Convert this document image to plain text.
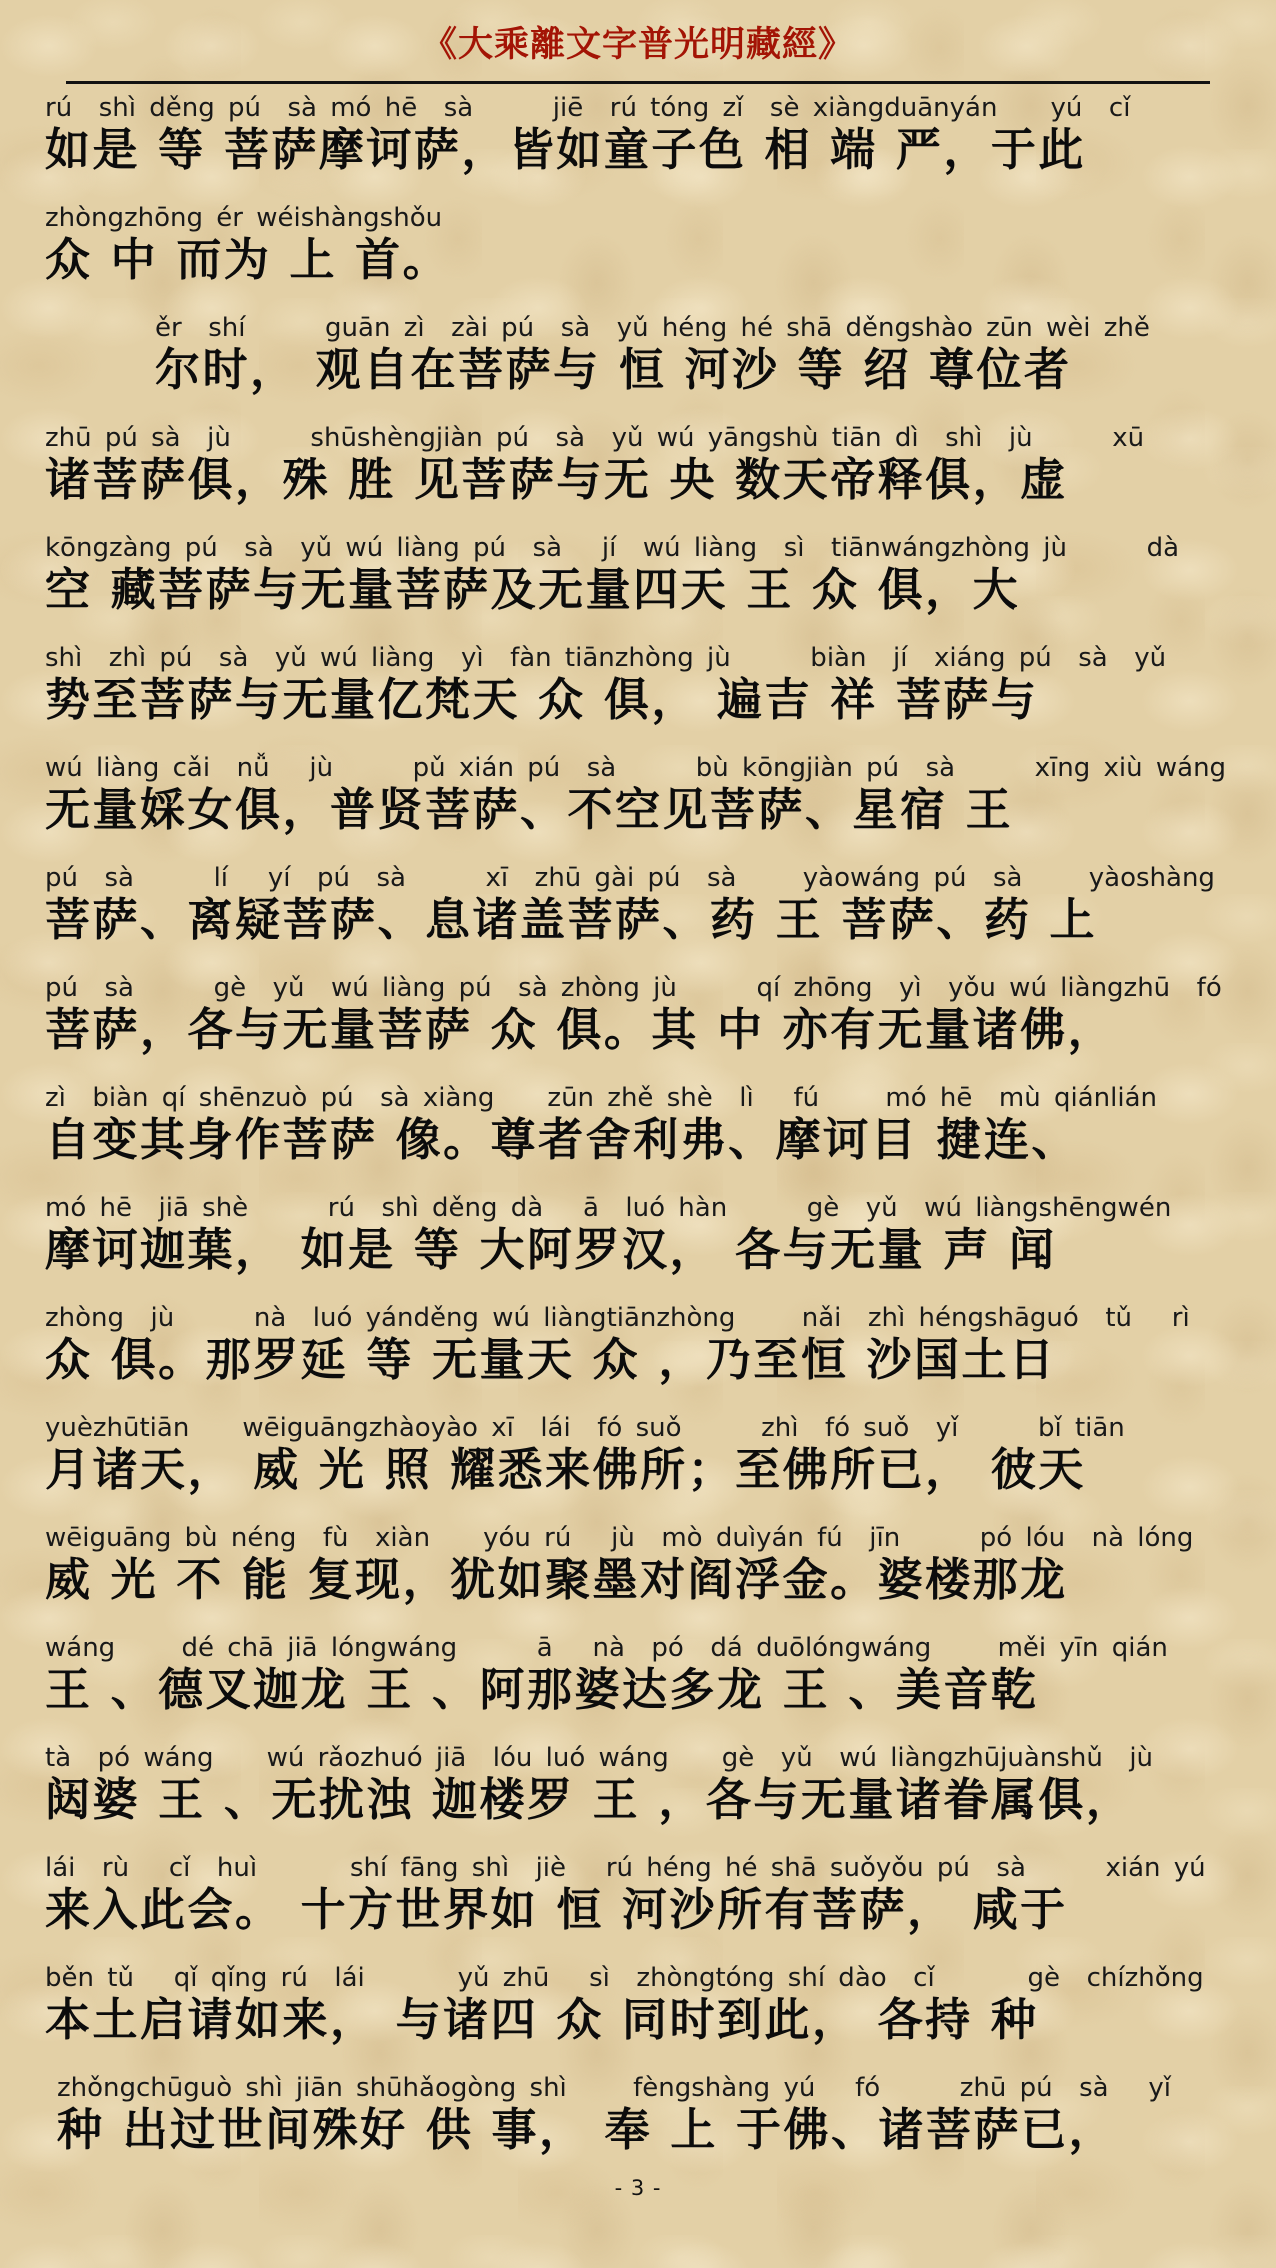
《大乘離文字普光明藏經》
rú  shì děng pú  sà mó hē  sà      jiē  rú tóng zǐ  sè xiàngduānyán    yú  cǐ
如是 等 菩萨摩诃萨，皆如童子色 相 端 严，于此
zhòngzhōng ér wéishàngshǒu
众 中 而为 上 首。
ěr  shí      guān zì  zài pú  sà  yǔ héng hé shā děngshào zūn wèi zhě
尔时， 观自在菩萨与 恒 河沙 等 绍 尊位者
zhū pú sà  jù      shūshèngjiàn pú  sà  yǔ wú yāngshù tiān dì  shì  jù      xū
诸菩萨俱，殊 胜 见菩萨与无 央 数天帝释俱，虚
kōngzàng pú  sà  yǔ wú liàng pú  sà   jí  wú liàng  sì  tiānwángzhòng jù      dà
空 藏菩萨与无量菩萨及无量四天 王 众 俱，大
shì  zhì pú  sà  yǔ wú liàng  yì  fàn tiānzhòng jù      biàn  jí  xiáng pú  sà  yǔ
势至菩萨与无量亿梵天 众 俱， 遍吉 祥 菩萨与
wú liàng cǎi  nǚ   jù      pǔ xián pú  sà      bù kōngjiàn pú  sà      xīng xiù wáng
无量婇女俱，普贤菩萨、不空见菩萨、星宿 王
pú  sà      lí   yí  pú  sà      xī  zhū gài pú  sà     yàowáng pú  sà     yàoshàng
菩萨、离疑菩萨、息诸盖菩萨、药 王 菩萨、药 上
pú  sà      gè  yǔ  wú liàng pú  sà zhòng jù      qí zhōng  yì  yǒu wú liàngzhū  fó
菩萨，各与无量菩萨 众 俱。其 中 亦有无量诸佛，
zì  biàn qí shēnzuò pú  sà xiàng    zūn zhě shè  lì   fú     mó hē  mù qiánlián
自变其身作菩萨 像。尊者舍利弗、摩诃目 揵连、
mó hē  jiā shè      rú  shì děng dà   ā  luó hàn      gè  yǔ  wú liàngshēngwén
摩诃迦葉， 如是 等 大阿罗汉， 各与无量 声 闻
zhòng  jù      nà  luó yánděng wú liàngtiānzhòng     nǎi  zhì héngshāguó  tǔ   rì
众 俱。那罗延 等 无量天 众 ，乃至恒 沙国土日
yuèzhūtiān    wēiguāngzhàoyào xī  lái  fó suǒ      zhì  fó suǒ  yǐ      bǐ tiān
月诸天， 威 光 照 耀悉来佛所；至佛所已， 彼天
wēiguāng bù néng  fù  xiàn    yóu rú   jù  mò duìyán fú  jīn      pó lóu  nà lóng
威 光 不 能 复现，犹如聚墨对阎浮金。婆楼那龙
wáng     dé chā jiā lóngwáng      ā   nà  pó  dá duōlóngwáng     měi yīn qián
王 、德叉迦龙 王 、阿那婆达多龙 王 、美音乾
tà  pó wáng    wú rǎozhuó jiā  lóu luó wáng    gè  yǔ  wú liàngzhūjuànshǔ  jù
闼婆 王 、无扰浊 迦楼罗 王 ，各与无量诸眷属俱，
lái  rù   cǐ  huì       shí fāng shì  jiè   rú héng hé shā suǒyǒu pú  sà      xián yú
来入此会。 十方世界如 恒 河沙所有菩萨， 咸于
běn tǔ   qǐ qǐng rú  lái       yǔ zhū   sì  zhòngtóng shí dào  cǐ       gè  chízhǒng
本土启请如来， 与诸四 众 同时到此， 各持 种
zhǒngchūguò shì jiān shūhǎogòng shì     fèngshàng yú   fó      zhū pú  sà   yǐ
种 出过世间殊好 供 事， 奉 上 于佛、诸菩萨已，
- 3 -
